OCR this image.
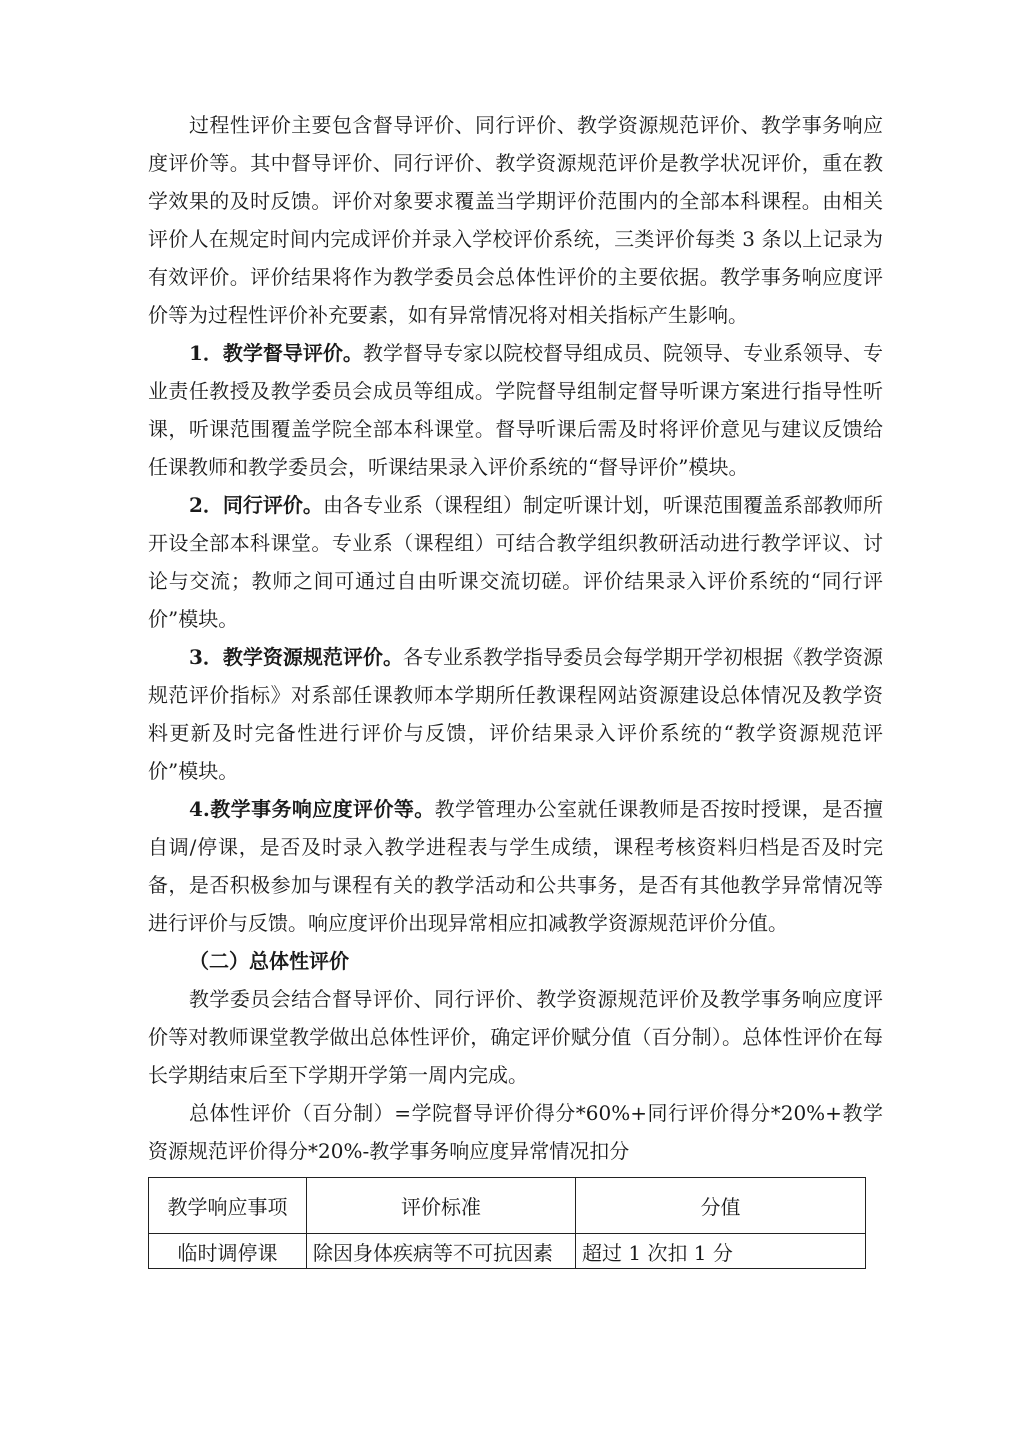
过程性评价主要包含督导评价、同行评价、教学资源规范评价、教学事务响应度评价等。其中督导评价、同行评价、教学资源规范评价是教学状况评价，重在教学效果的及时反馈。评价对象要求覆盖当学期评价范围内的全部本科课程。由相关评价人在规定时间内完成评价并录入学校评价系统，三类评价每类 3 条以上记录为有效评价。评价结果将作为教学委员会总体性评价的主要依据。教学事务响应度评价等为过程性评价补充要素，如有异常情况将对相关指标产生影响。

1．教学督导评价。教学督导专家以院校督导组成员、院领导、专业系领导、专业责任教授及教学委员会成员等组成。学院督导组制定督导听课方案进行指导性听课，听课范围覆盖学院全部本科课堂。督导听课后需及时将评价意见与建议反馈给任课教师和教学委员会，听课结果录入评价系统的“督导评价”模块。

2．同行评价。由各专业系（课程组）制定听课计划，听课范围覆盖系部教师所开设全部本科课堂。专业系（课程组）可结合教学组织教研活动进行教学评议、讨论与交流；教师之间可通过自由听课交流切磋。评价结果录入评价系统的“同行评价”模块。

3．教学资源规范评价。各专业系教学指导委员会每学期开学初根据《教学资源规范评价指标》对系部任课教师本学期所任教课程网站资源建设总体情况及教学资料更新及时完备性进行评价与反馈，评价结果录入评价系统的“教学资源规范评价”模块。

4.教学事务响应度评价等。教学管理办公室就任课教师是否按时授课，是否擅自调/停课，是否及时录入教学进程表与学生成绩，课程考核资料归档是否及时完备，是否积极参加与课程有关的教学活动和公共事务，是否有其他教学异常情况等进行评价与反馈。响应度评价出现异常相应扣减教学资源规范评价分值。

（二）总体性评价

教学委员会结合督导评价、同行评价、教学资源规范评价及教学事务响应度评价等对教师课堂教学做出总体性评价，确定评价赋分值（百分制）。总体性评价在每长学期结束后至下学期开学第一周内完成。

总体性评价（百分制）=学院督导评价得分*60%+同行评价得分*20%+教学资源规范评价得分*20%-教学事务响应度异常情况扣分

教学响应事项	评价标准	分值
临时调停课	除因身体疾病等不可抗因素	超过 1 次扣 1 分
